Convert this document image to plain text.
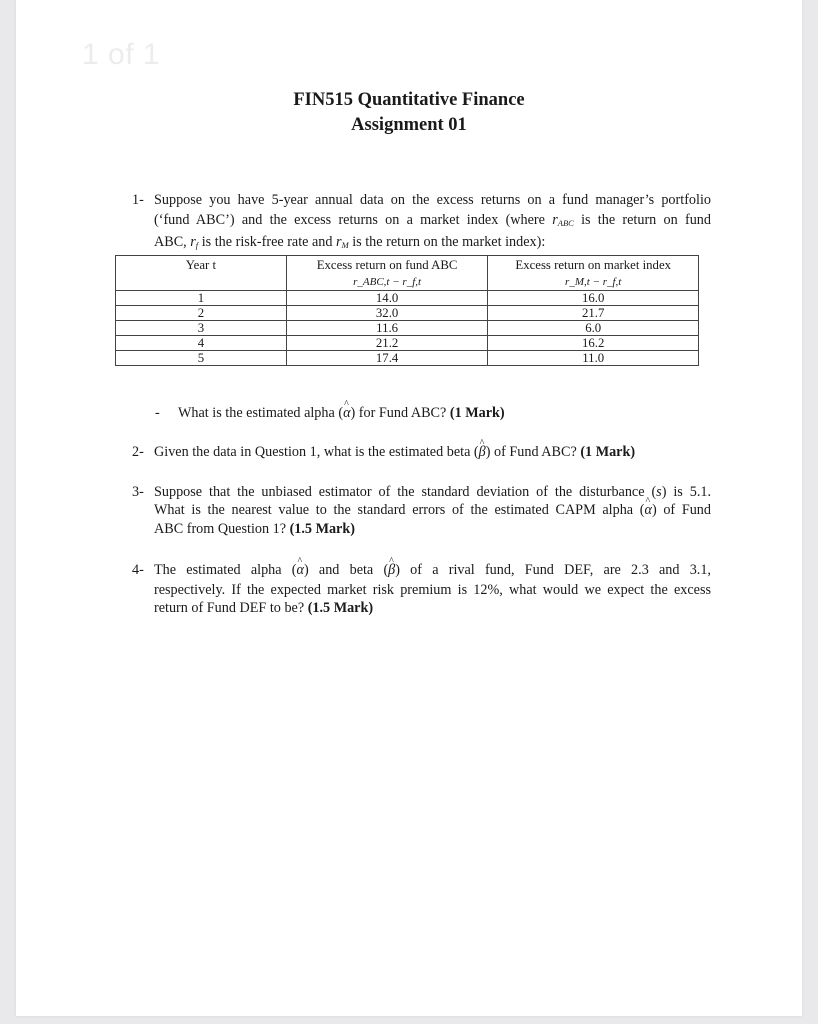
1 of 1
FIN515 Quantitative Finance
Assignment 01
1- Suppose you have 5-year annual data on the excess returns on a fund manager’s portfolio
(‘fund ABC’) and the excess returns on a market index (where $r_{ABC}$ is the return on fund
ABC, $r_f$ is the risk-free rate and $r_M$ is the return on the market index):
Year t	Excess return on fund ABC	Excess return on market index
	r_ABC,t − r_f,t	r_M,t − r_f,t
1	14.0	16.0
2	32.0	21.7
3	11.6	6.0
4	21.2	16.2
5	17.4	11.0
- What is the estimated alpha (^ α) for Fund ABC? (1 Mark)
2- Given the data in Question 1, what is the estimated beta (^ β) of Fund ABC? (1 Mark)
3- Suppose that the unbiased estimator of the standard deviation of the disturbance (s) is 5.1.
What is the nearest value to the standard errors of the estimated CAPM alpha (^ α) of Fund
ABC from Question 1? (1.5 Mark)
4- The estimated alpha (^ α) and beta (^ β) of a rival fund, Fund DEF, are 2.3 and 3.1,
respectively. If the expected market risk premium is 12%, what would we expect the excess
return of Fund DEF to be? (1.5 Mark)
